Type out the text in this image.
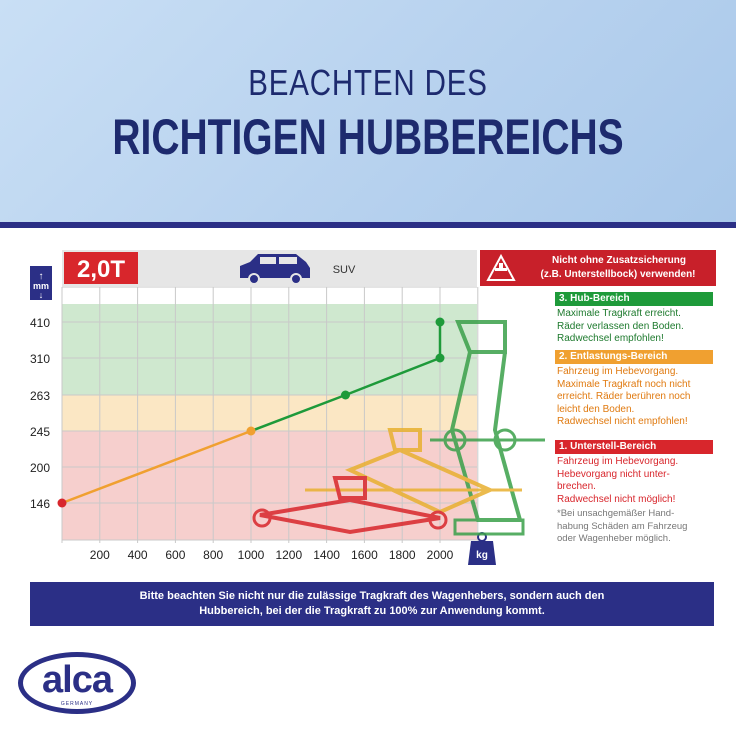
BEACHTEN DES
RICHTIGEN HUBBEREICHS
2,0T	SUV
↑
mm
↓
146
200
245
263
310
410
200 400 600 800 1000 1200 1400 1600 1800 2000 kg
Nicht ohne Zusatzsicherung
(z.B. Unterstellbock) verwenden!
3. Hub-Bereich
Maximale Tragkraft erreicht.
Räder verlassen den Boden.
Radwechsel empfohlen!
2. Entlastungs-Bereich
Fahrzeug im Hebevorgang.
Maximale Tragkraft noch nicht
erreicht. Räder berühren noch
leicht den Boden.
Radwechsel nicht empfohlen!
1. Unterstell-Bereich
Fahrzeug im Hebevorgang.
Hebevorgang nicht unter-
brechen.
Radwechsel nicht möglich!
*Bei unsachgemäßer Hand-
habung Schäden am Fahrzeug
oder Wagenheber möglich.
Bitte beachten Sie nicht nur die zulässige Tragkraft des Wagenhebers, sondern auch den
Hubbereich, bei der die Tragkraft zu 100% zur Anwendung kommt.
alca
GERMANY
